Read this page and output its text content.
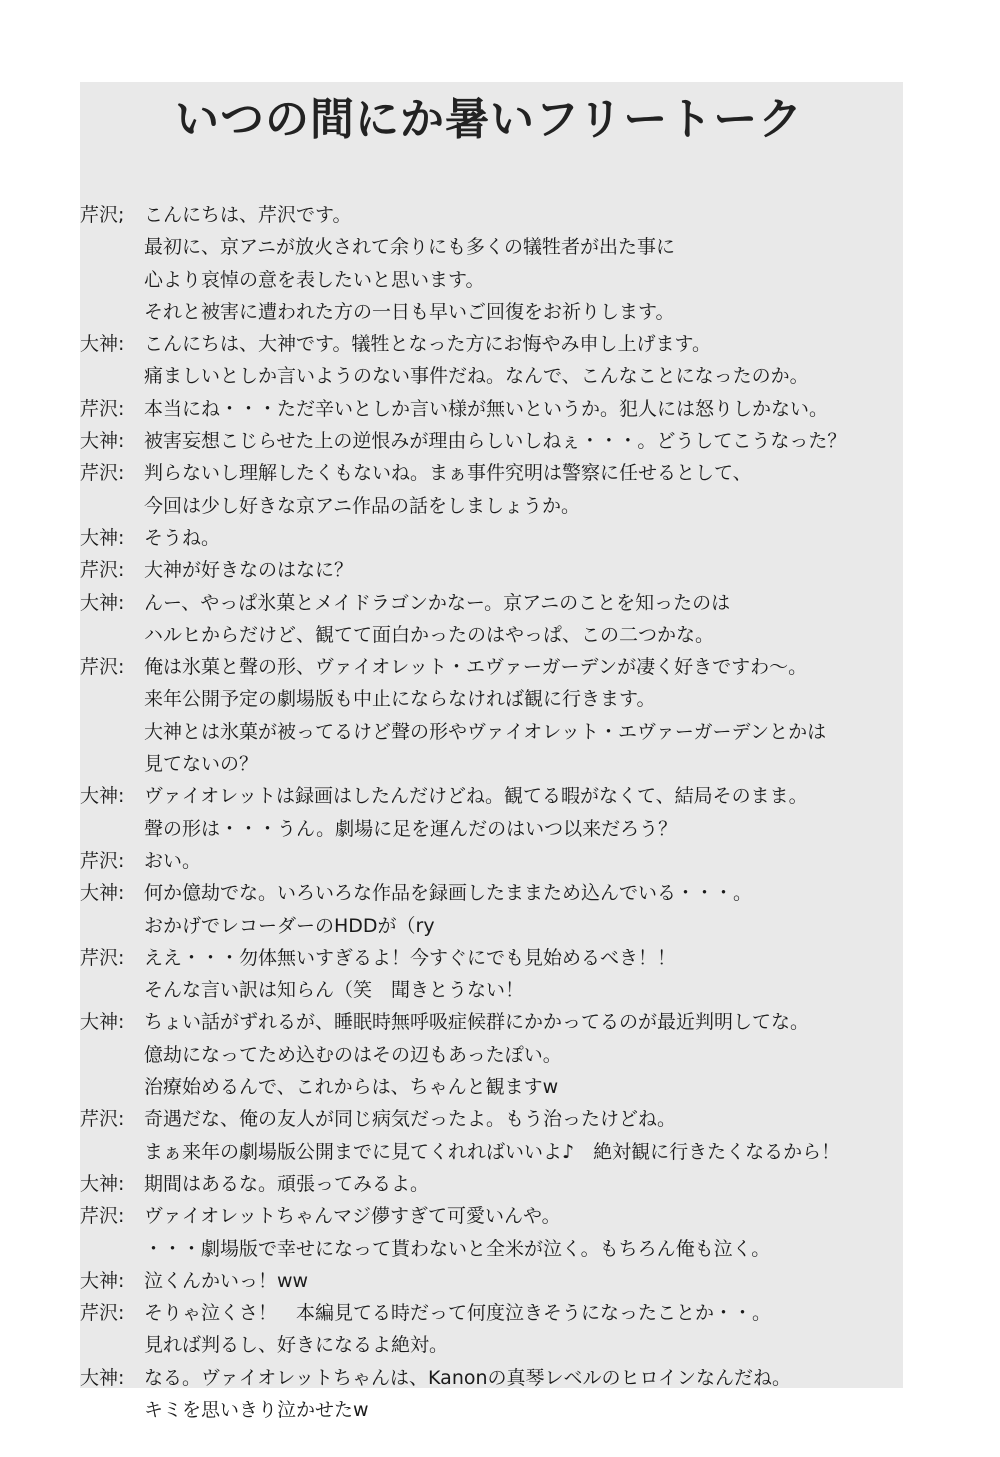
いつの間にか暑いフリートーク
芹沢;	こんにちは、芹沢です。
最初に、京アニが放火されて余りにも多くの犠牲者が出た事に
心より哀悼の意を表したいと思います。
それと被害に遭われた方の一日も早いご回復をお祈りします。
大神:	こんにちは、大神です。犠牲となった方にお悔やみ申し上げます。
痛ましいとしか言いようのない事件だね。なんで、こんなことになったのか。
芹沢:	本当にね・・・ただ辛いとしか言い様が無いというか。犯人には怒りしかない。
大神:	被害妄想こじらせた上の逆恨みが理由らしいしねぇ・・・。どうしてこうなった？
芹沢:	判らないし理解したくもないね。まぁ事件究明は警察に任せるとして、
今回は少し好きな京アニ作品の話をしましょうか。
大神:	そうね。
芹沢:	大神が好きなのはなに？
大神:	んー、やっぱ氷菓とメイドラゴンかなー。京アニのことを知ったのは
ハルヒからだけど、観てて面白かったのはやっぱ、この二つかな。
芹沢:	俺は氷菓と聲の形、ヴァイオレット・エヴァーガーデンが凄く好きですわ～。
来年公開予定の劇場版も中止にならなければ観に行きます。
大神とは氷菓が被ってるけど聲の形やヴァイオレット・エヴァーガーデンとかは
見てないの？
大神:	ヴァイオレットは録画はしたんだけどね。観てる暇がなくて、結局そのまま。
聲の形は・・・うん。劇場に足を運んだのはいつ以来だろう？
芹沢:	おい。
大神:	何か億劫でな。いろいろな作品を録画したままため込んでいる・・・。
おかげでレコーダーのHDDが（ry
芹沢:	ええ・・・勿体無いすぎるよ！今すぐにでも見始めるべき！！
そんな言い訳は知らん（笑　聞きとうない！
大神:	ちょい話がずれるが、睡眠時無呼吸症候群にかかってるのが最近判明してな。
億劫になってため込むのはその辺もあったぽい。
治療始めるんで、これからは、ちゃんと観ますw
芹沢:	奇遇だな、俺の友人が同じ病気だったよ。もう治ったけどね。
まぁ来年の劇場版公開までに見てくれればいいよ♪　絶対観に行きたくなるから！
大神:	期間はあるな。頑張ってみるよ。
芹沢:	ヴァイオレットちゃんマジ儚すぎて可愛いんや。
・・・劇場版で幸せになって貰わないと全米が泣く。もちろん俺も泣く。
大神:	泣くんかいっ！ww
芹沢:	そりゃ泣くさ！　本編見てる時だって何度泣きそうになったことか・・。
見れば判るし、好きになるよ絶対。
大神:	なる。ヴァイオレットちゃんは、Kanonの真琴レベルのヒロインなんだね。
キミを思いきり泣かせたw
